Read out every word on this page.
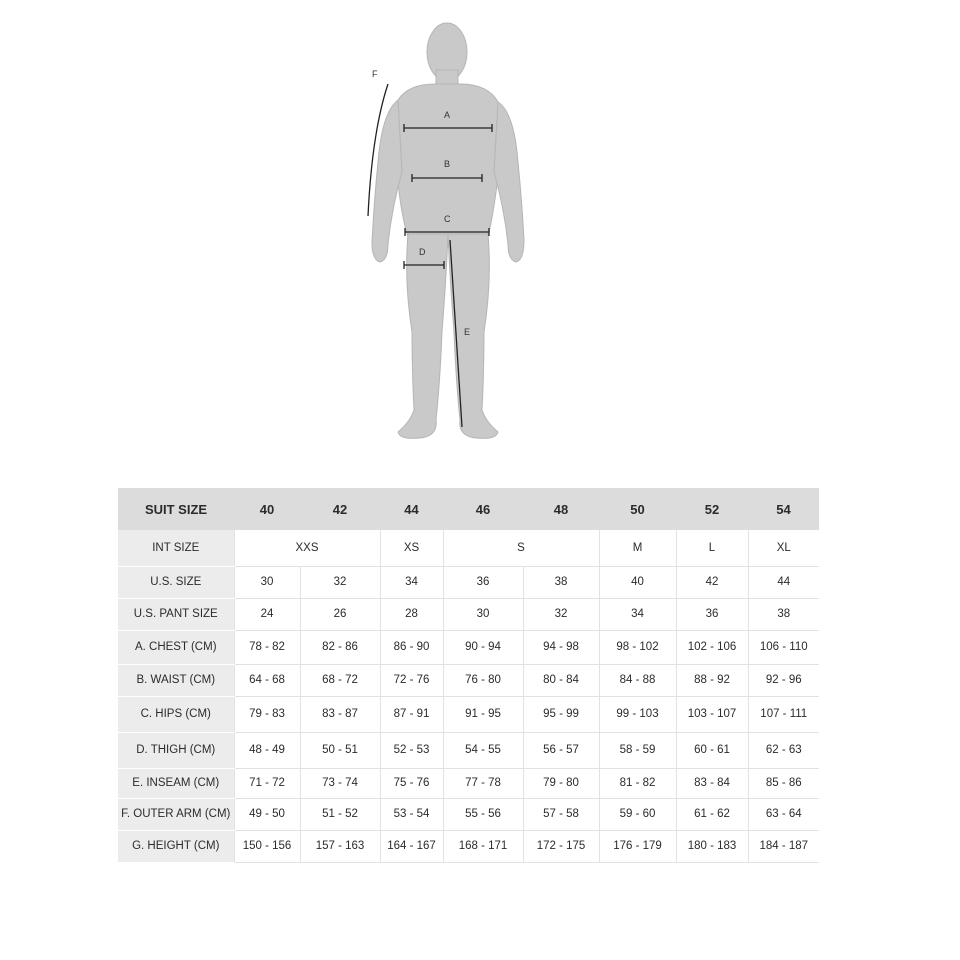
A
B
C
D
E
F
SUIT SIZE	40	42	44	46	48	50	52	54
INT SIZE	XXS		XS	S		M	L	XL
U.S. SIZE	30	32	34	36	38	40	42	44
U.S. PANT SIZE	24	26	28	30	32	34	36	38
A. CHEST (CM)	78 - 82	82 - 86	86 - 90	90 - 94	94 - 98	98 - 102	102 - 106	106 - 110
B. WAIST (CM)	64 - 68	68 - 72	72 - 76	76 - 80	80 - 84	84 - 88	88 - 92	92 - 96
C. HIPS (CM)	79 - 83	83 - 87	87 - 91	91 - 95	95 - 99	99 - 103	103 - 107	107 - 111
D. THIGH (CM)	48 - 49	50 - 51	52 - 53	54 - 55	56 - 57	58 - 59	60 - 61	62 - 63
E. INSEAM (CM)	71 - 72	73 - 74	75 - 76	77 - 78	79 - 80	81 - 82	83 - 84	85 - 86
F. OUTER ARM (CM)	49 - 50	51 - 52	53 - 54	55 - 56	57 - 58	59 - 60	61 - 62	63 - 64
G. HEIGHT (CM)	150 - 156	157 - 163	164 - 167	168 - 171	172 - 175	176 - 179	180 - 183	184 - 187
